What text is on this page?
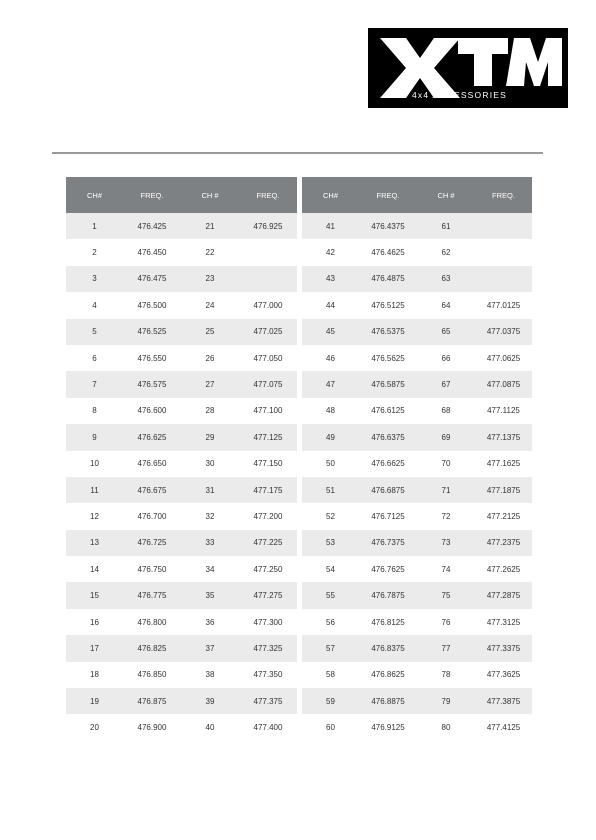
4x4 ACCESSORIES
CH#	FREQ.	CH #	FREQ.		CH#	FREQ.	CH #	FREQ.
1	476.425	21	476.925		41	476.4375	61	
2	476.450	22			42	476.4625	62	
3	476.475	23			43	476.4875	63	
4	476.500	24	477.000		44	476.5125	64	477.0125
5	476.525	25	477.025		45	476.5375	65	477.0375
6	476.550	26	477.050		46	476.5625	66	477.0625
7	476.575	27	477.075		47	476.5875	67	477.0875
8	476.600	28	477.100		48	476.6125	68	477.1125
9	476.625	29	477.125		49	476.6375	69	477.1375
10	476.650	30	477.150		50	476.6625	70	477.1625
11	476.675	31	477.175		51	476.6875	71	477.1875
12	476.700	32	477.200		52	476.7125	72	477.2125
13	476.725	33	477.225		53	476.7375	73	477.2375
14	476.750	34	477.250		54	476.7625	74	477.2625
15	476.775	35	477.275		55	476.7875	75	477.2875
16	476.800	36	477.300		56	476.8125	76	477.3125
17	476.825	37	477.325		57	476.8375	77	477.3375
18	476.850	38	477.350		58	476.8625	78	477.3625
19	476.875	39	477.375		59	476.8875	79	477.3875
20	476.900	40	477.400		60	476.9125	80	477.4125
